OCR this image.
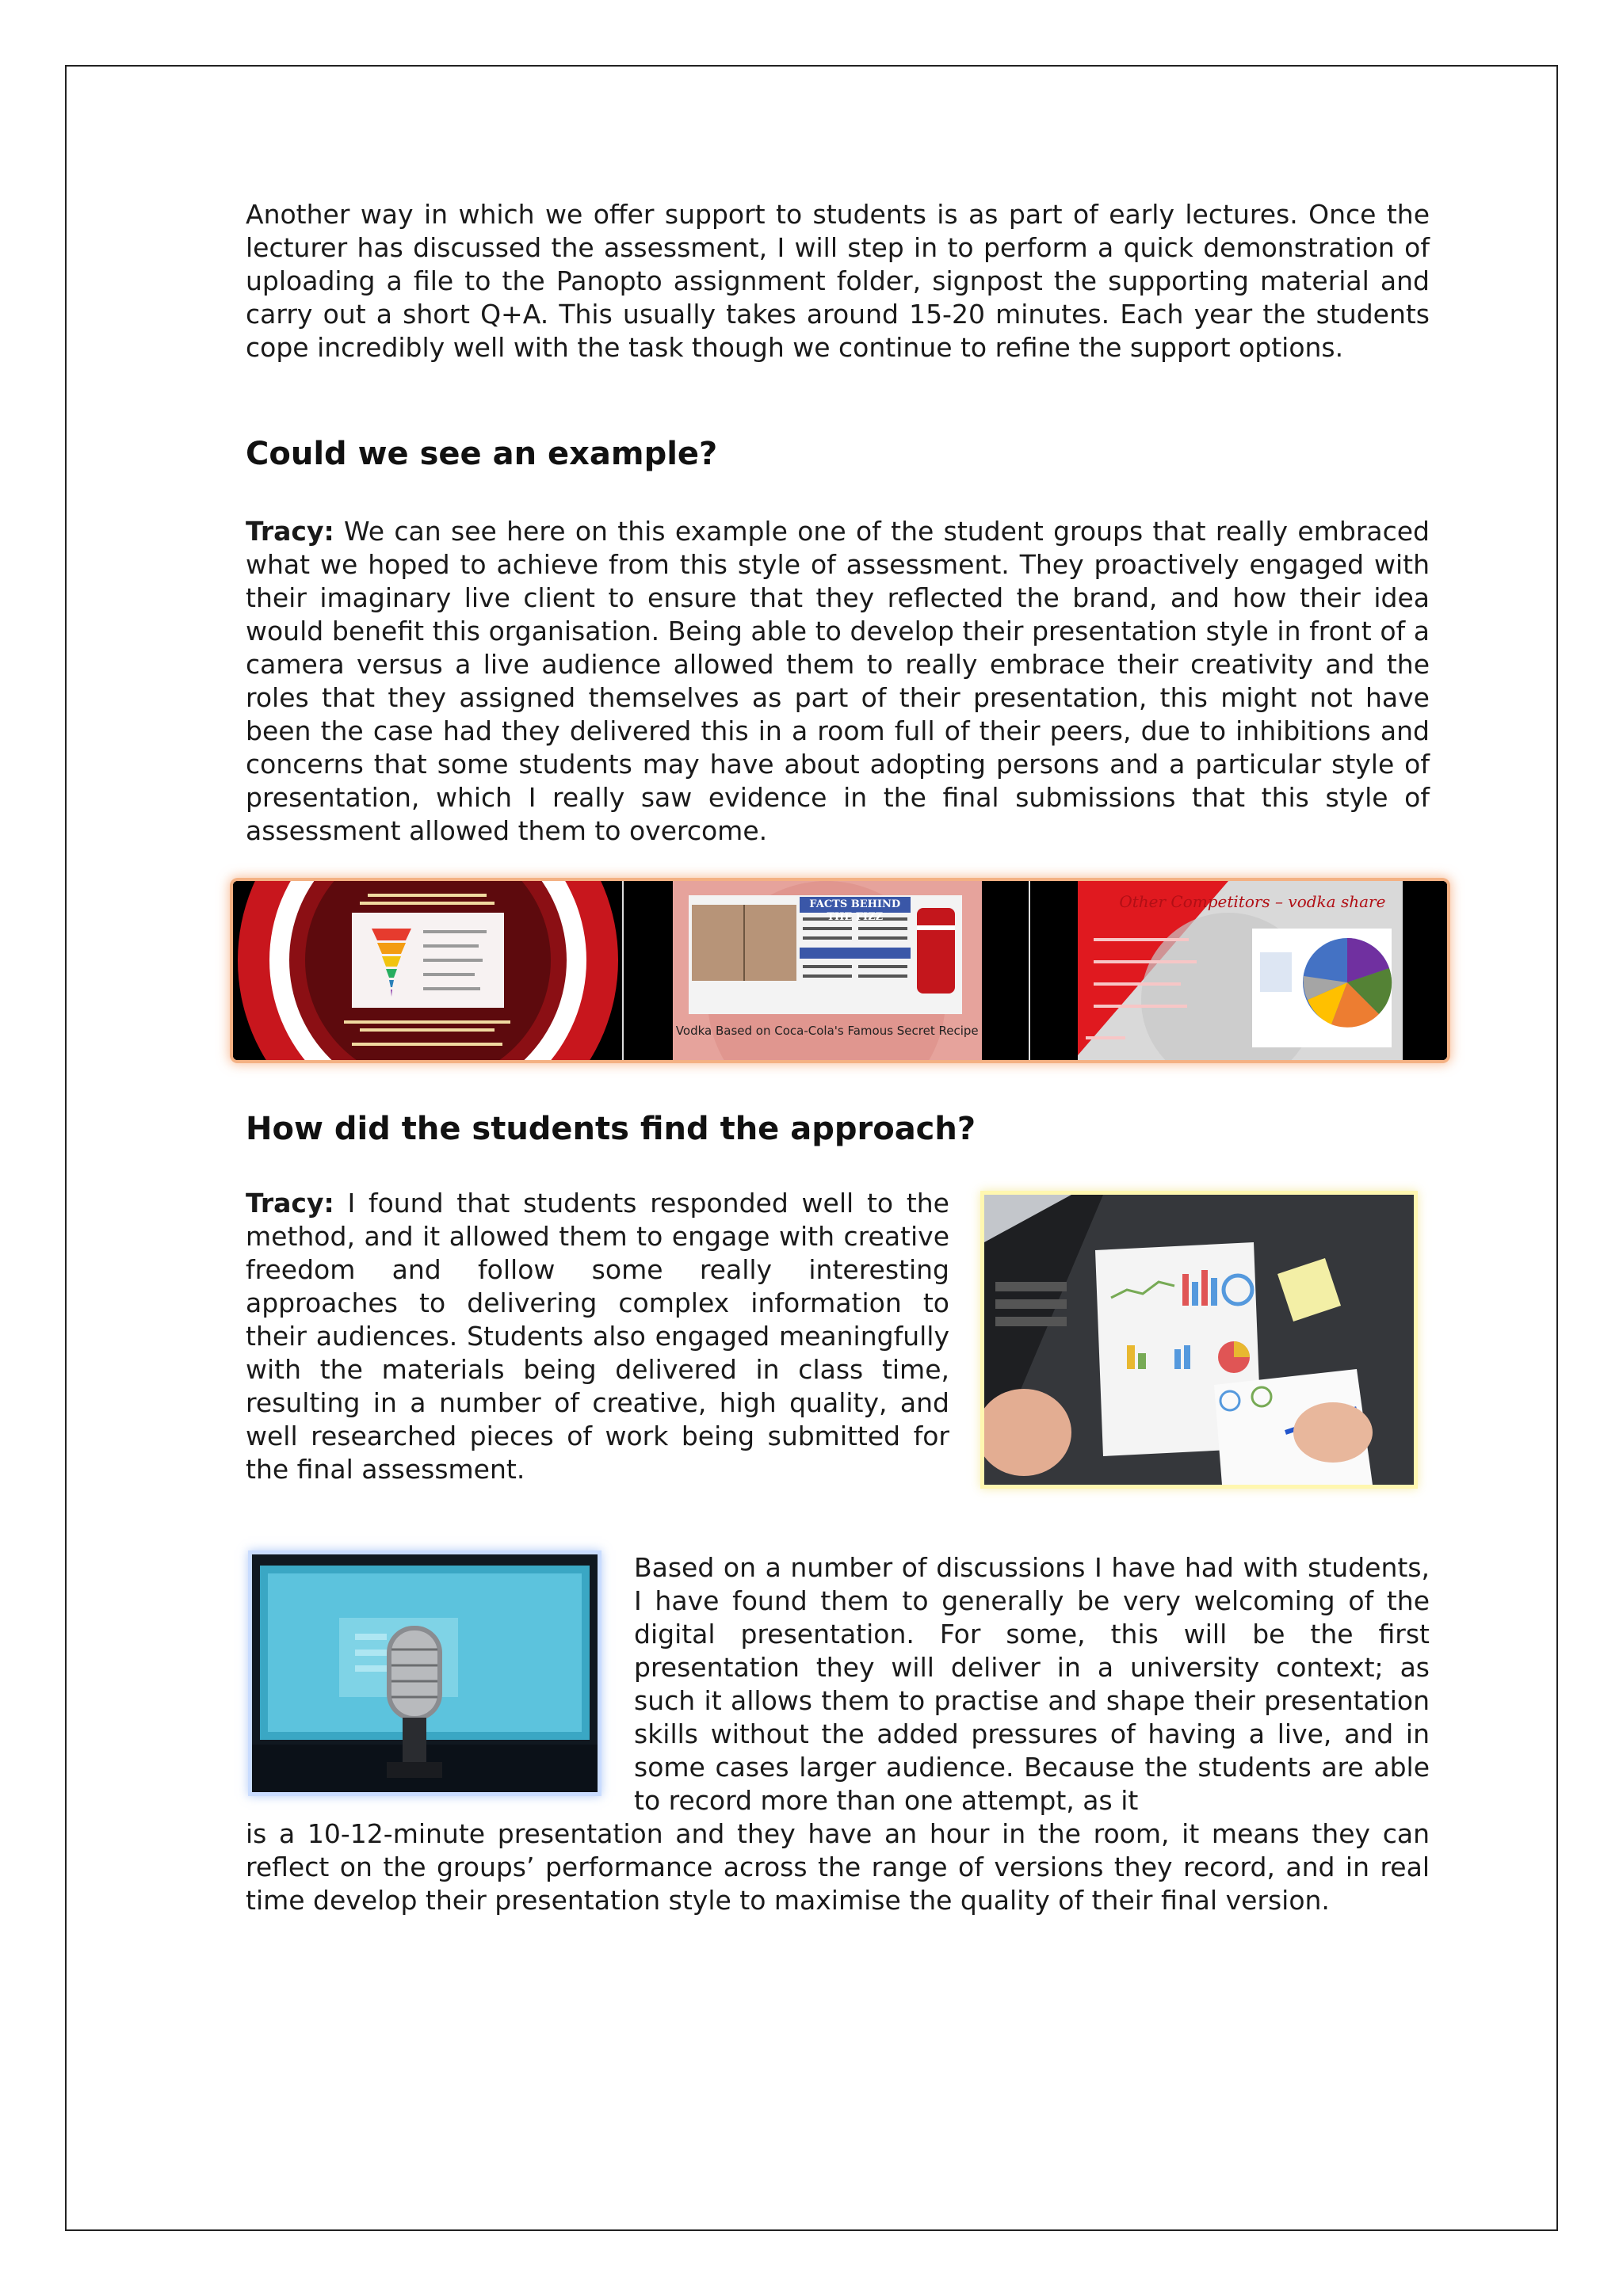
Another way in which we offer support to students is as part of early lectures. Once the lecturer has discussed the assessment, I will step in to perform a quick demonstration of uploading a file to the Panopto assignment folder, signpost the supporting material and carry out a short Q+A. This usually takes around 15-20 minutes. Each year the students cope incredibly well with the task though we continue to refine the support options.

Could we see an example?

Tracy: We can see here on this example one of the student groups that really embraced what we hoped to achieve from this style of assessment. They proactively engaged with their imaginary live client to ensure that they reflected the brand, and how their idea would benefit this organisation. Being able to develop their presentation style in front of a camera versus a live audience allowed them to really embrace their creativity and the roles that they assigned themselves as part of their presentation, this might not have been the case had they delivered this in a room full of their peers, due to inhibitions and concerns that some students may have about adopting persons and a particular style of presentation, which I really saw evidence in the final submissions that this style of assessment allowed them to overcome.

FACTS BEHIND THE FIZZ
Vodka Based on Coca-Cola's Famous Secret Recipe
Other Competitors – vodka share
How did the students find the approach?

Tracy: I found that students responded well to the method, and it allowed them to engage with creative freedom and follow some really interesting approaches to delivering complex information to their audiences. Students also engaged meaningfully with the materials being delivered in class time, resulting in a number of creative, high quality, and well researched pieces of work being submitted for the final assessment.

Based on a number of discussions I have had with students, I have found them to generally be very welcoming of the digital presentation. For some, this will be the first presentation they will deliver in a university context; as such it allows them to practise and shape their presentation skills without the added pressures of having a live, and in some cases larger audience. Because the students are able to record more than one attempt, as it

is a 10-12-minute presentation and they have an hour in the room, it means they can reflect on the groups’ performance across the range of versions they record, and in real time develop their presentation style to maximise the quality of their final version.
